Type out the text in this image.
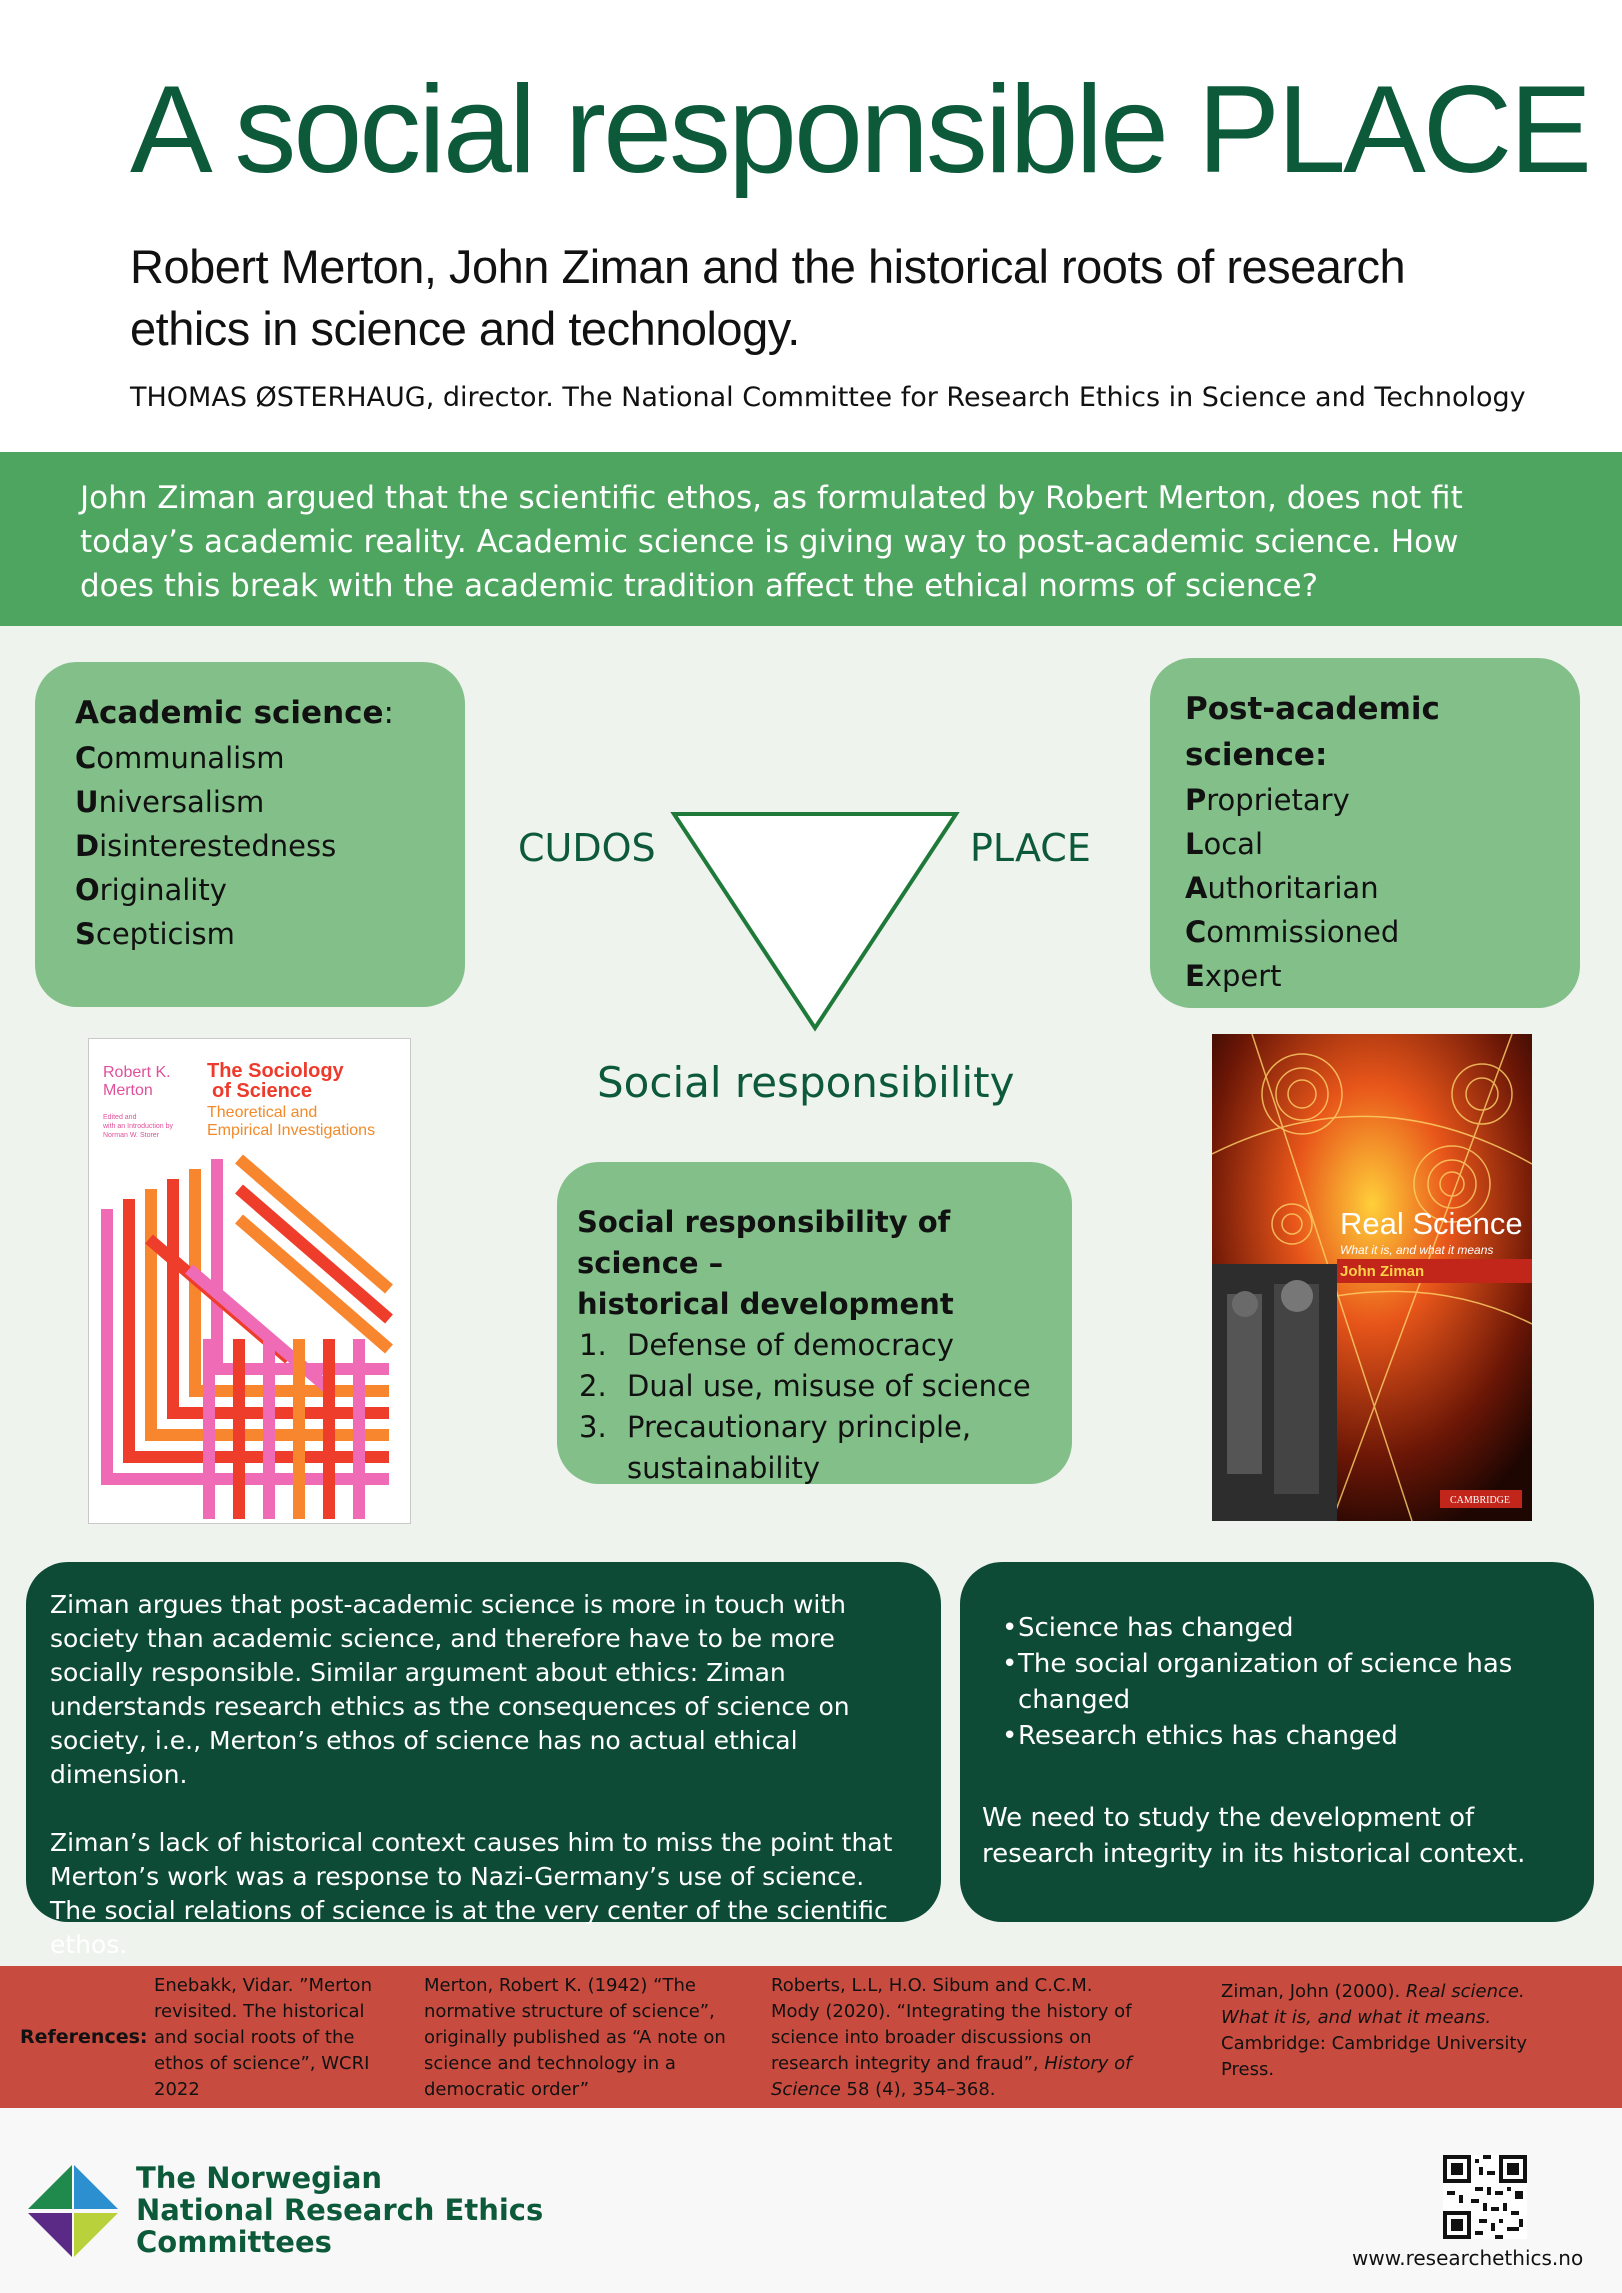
A social responsible PLACE
Robert Merton, John Ziman and the historical roots of research ethics in science and technology.
THOMAS ØSTERHAUG, director. The National Committee for Research Ethics in Science and Technology

John Ziman argued that the scientific ethos, as formulated by Robert Merton, does not fit today’s academic reality. Academic science is giving way to post-academic science. How does this break with the academic tradition affect the ethical norms of science?

Academic science:
Communalism
Universalism
Disinterestedness
Originality
Scepticism
Post-academic science:
Proprietary
Local
Authoritarian
Commissioned
Expert
CUDOS	PLACE
Social responsibility
Social responsibility of science –
historical development
1. Defense of democracy
2. Dual use, misuse of science
3. Precautionary principle,
sustainability
Robert K.
Merton
Edited and
with an Introduction by
Norman W. Storer
The Sociology
of Science
Theoretical and
Empirical Investigations
Real Science
What it is, and what it means
John Ziman
CAMBRIDGE

Ziman argues that post-academic science is more in touch with society than academic science, and therefore have to be more socially responsible. Similar argument about ethics: Ziman understands research ethics as the consequences of science on society, i.e., Merton’s ethos of science has no actual ethical dimension.

Ziman’s lack of historical context causes him to miss the point that Merton’s work was a response to Nazi-Germany’s use of science. The social relations of science is at the very center of the scientific ethos.

• Science has changed
• The social organization of science has changed
• Research ethics has changed

We need to study the development of research integrity in its historical context.

References:
Enebakk, Vidar. ”Merton revisited. The historical and social roots of the ethos of science”, WCRI 2022
Merton, Robert K. (1942) “The normative structure of science”, originally published as “A note on science and technology in a democratic order”
Roberts, L.L, H.O. Sibum and C.C.M. Mody (2020). “Integrating the history of science into broader discussions on research integrity and fraud”, History of Science 58 (4), 354–368.
Ziman, John (2000). Real science. What it is, and what it means. Cambridge: Cambridge University Press.
The Norwegian
National Research Ethics
Committees	www.researchethics.no
